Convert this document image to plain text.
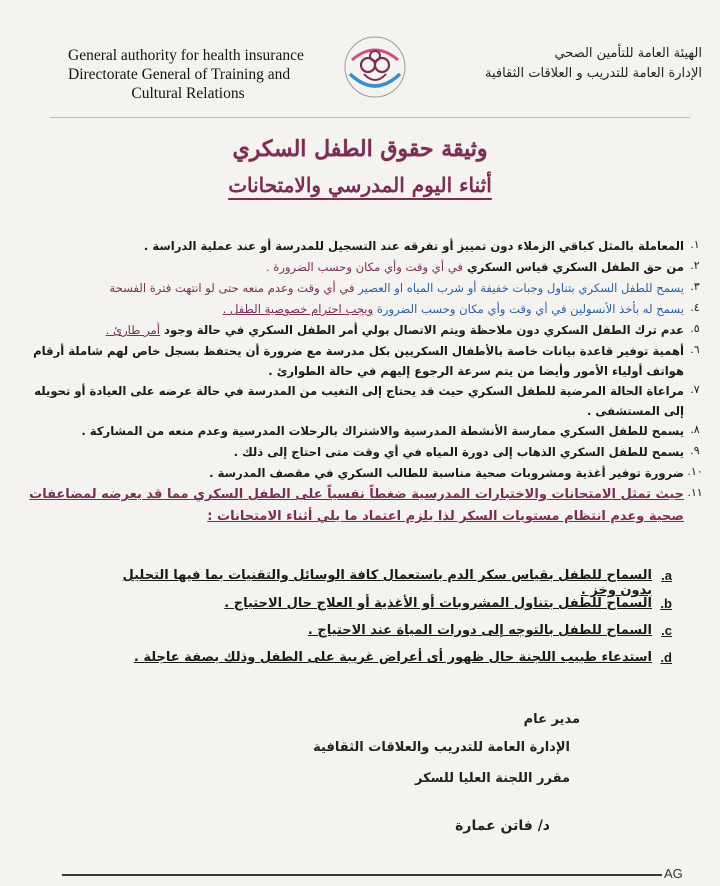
General authority for health insurance
Directorate General of Training and
Cultural Relations
الهيئة العامة للتأمين الصحي
الإدارة العامة للتدريب و العلاقات الثقافية
وثيقة حقوق الطفل السكري
أثناء اليوم المدرسي والامتحانات
١.
المعاملة بالمثل كباقي الزملاء دون تمييز أو تفرقه عند التسجيل للمدرسة أو عند عملية الدراسة .
٢.
من حق الطفل السكري قياس السكري في أي وقت وأي مكان وحسب الضرورة .
٣.
يسمح للطفل السكري بتناول وجبات خفيفة أو شرب المياه او العصير في أي وقت وعدم منعه حتى لو انتهت فترة الفسحة
٤.
يسمح له بأخذ الأنسولين في أي وقت وأي مكان وحسب الضرورة ويجب احترام خصوصية الطفل .
٥.
عدم ترك الطفل السكري دون ملاحظة ويتم الاتصال بولي أمر الطفل السكري في حالة وجود أمر طارئ .
٦.
أهمية توفير قاعدة بيانات خاصة بالأطفال السكريين بكل مدرسة مع ضرورة أن يحتفظ بسجل خاص لهم شاملة أرقام هواتف أولياء الأمور وأيضا من يتم سرعة الرجوع إليهم في حالة الطوارئ .
٧.
مراعاة الحالة المرضية للطفل السكري حيث قد يحتاج إلى التغيب من المدرسة في حالة عرضه على العيادة أو تحويله إلى المستشفى .
٨.
يسمح للطفل السكري ممارسة الأنشطة المدرسية والاشتراك بالرحلات المدرسية وعدم منعه من المشاركة .
٩.
يسمح للطفل السكري الذهاب إلى دورة المياه في أي وقت متى احتاج إلى ذلك .
١٠.
ضرورة توفير أغذية ومشروبات صحية مناسبة للطالب السكري في مقصف المدرسة .
١١.
حيث تمثل الامتحانات والاختبارات المدرسية ضغطاً نفسياً على الطفل السكري مما قد يعرضه لمضاعفات صحية وعدم انتظام مستويات السكر لذا يلزم اعتماد ما يلي أثناء الامتحانات :
a.
السماح للطفل بقياس سكر الدم باستعمال كافة الوسائل والتقنيات بما فيها التحليل بدون وخز .
b.
السماح للطفل بتناول المشروبات أو الأغذية أو العلاج حال الاحتياج .
c.
السماح للطفل بالتوجه إلى دورات المياة عند الاحتياج .
d.
استدعاء طبيب اللجنة حال ظهور أى أعراض غريبة على الطفل وذلك بصفة عاجلة .
مدير عام
الإدارة العامة للتدريب والعلاقات الثقافية
مقرر اللجنة العليا للسكر
د/ فاتن عمارة
AG
